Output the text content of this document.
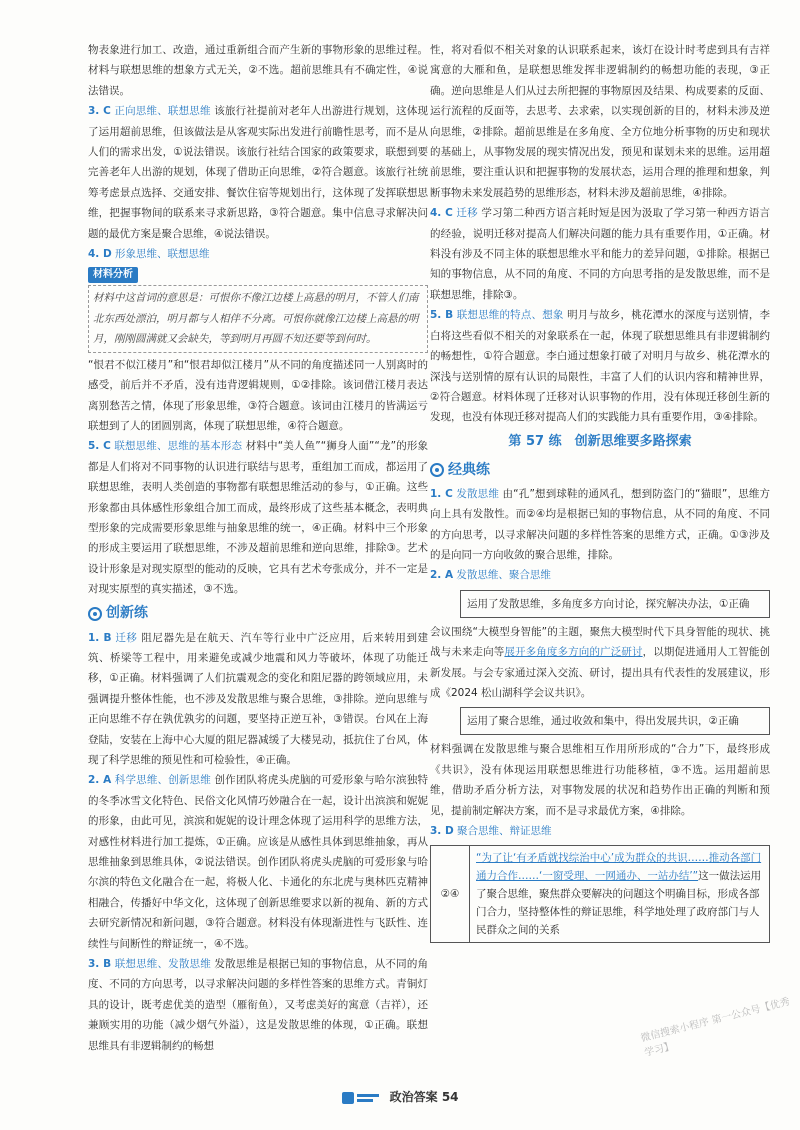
物表象进行加工、改造，通过重新组合而产生新的事物形象的思维过程。材料与联想思维的想象方式无关，②不选。超前思维具有不确定性，④说法错误。

3. C 正向思维、联想思维 该旅行社提前对老年人出游进行规划，这体现了运用超前思维，但该做法是从客观实际出发进行前瞻性思考，而不是从人们的需求出发，①说法错误。该旅行社结合国家的政策要求，联想到要完善老年人出游的规划，体现了借助正向思维，②符合题意。该旅行社统筹考虑景点选择、交通安排、餐饮住宿等规划出行，这体现了发挥联想思维，把握事物间的联系来寻求新思路，③符合题意。集中信息寻求解决问题的最优方案是聚合思维，④说法错误。

4. D 形象思维、联想思维

材料分析
材料中这首词的意思是：可恨你不像江边楼上高悬的明月，不管人们南北东西处漂泊，明月都与人相伴不分离。可恨你就像江边楼上高悬的明月，刚刚圆满就又会缺失，等到明月再圆不知还要等到何时。

“恨君不似江楼月”和“恨君却似江楼月”从不同的角度描述同一人别离时的感受，前后并不矛盾，没有违背逻辑规则，①②排除。该词借江楼月表达离别愁苦之情，体现了形象思维，③符合题意。该词由江楼月的皆满运亏联想到了人的团圆别离，体现了联想思维，④符合题意。

5. C 联想思维、思维的基本形态 材料中“美人鱼”“狮身人面”“龙”的形象都是人们将对不同事物的认识进行联结与思考，重组加工而成，都运用了联想思维，表明人类创造的事物都有联想思维活动的参与，①正确。这些形象都由具体感性形象组合加工而成，最终形成了这些基本概念，表明典型形象的完成需要形象思维与抽象思维的统一，④正确。材料中三个形象的形成主要运用了联想思维，不涉及超前思维和逆向思维，排除③。艺术设计形象是对现实原型的能动的反映，它具有艺术夸张成分，并不一定是对现实原型的真实描述，③不选。

创新练

1. B 迁移 阻尼器先是在航天、汽车等行业中广泛应用，后来转用到建筑、桥梁等工程中，用来避免或减少地震和风力等破坏，体现了功能迁移，①正确。材料强调了人们抗震观念的变化和阻尼器的跨领域应用，未强调提升整体性能，也不涉及发散思维与聚合思维，③排除。逆向思维与正向思维不存在孰优孰劣的问题，要坚持正逆互补，③错误。台风在上海登陆，安装在上海中心大厦的阻尼器减缓了大楼晃动，抵抗住了台风，体现了科学思维的预见性和可检验性，④正确。

2. A 科学思维、创新思维 创作团队将虎头虎脑的可爱形象与哈尔滨独特的冬季冰雪文化特色、民俗文化风情巧妙融合在一起，设计出滨滨和妮妮的形象，由此可见，滨滨和妮妮的设计理念体现了运用科学的思维方法，对感性材料进行加工提炼，①正确。应该是从感性具体到思维抽象，再从思维抽象到思维具体，②说法错误。创作团队将虎头虎脑的可爱形象与哈尔滨的特色文化融合在一起，将极人化、卡通化的东北虎与奥林匹克精神相融合，传播好中华文化，这体现了创新思维要求以新的视角、新的方式去研究新情况和新问题，③符合题意。材料没有体现渐进性与飞跃性、连续性与间断性的辩证统一，④不选。

3. B 联想思维、发散思维 发散思维是根据已知的事物信息，从不同的角度、不同的方向思考，以寻求解决问题的多样性答案的思维方式。青铜灯具的设计，既考虑优美的造型（雁衔鱼），又考虑美好的寓意（吉祥），还兼顾实用的功能（减少烟气外溢），这是发散思维的体现，①正确。联想思维具有非逻辑制约的畅想

性，将对看似不相关对象的认识联系起来，该灯在设计时考虑到具有吉祥寓意的大雁和鱼，是联想思维发挥非逻辑制约的畅想功能的表现，③正确。逆向思维是人们从过去所把握的事物原因及结果、构成要素的反面、运行流程的反面等，去思考、去求索，以实现创新的目的，材料未涉及逆向思维，②排除。超前思维是在多角度、全方位地分析事物的历史和现状的基础上，从事物发展的现实情况出发，预见和谋划未来的思维。运用超前思维，要注重认识和把握事物的发展状态，运用合理的推理和想象，判断事物未来发展趋势的思维形态，材料未涉及超前思维，④排除。

4. C 迁移 学习第二种西方语言耗时短是因为汲取了学习第一种西方语言的经验，说明迁移对提高人们解决问题的能力具有重要作用，①正确。材料没有涉及不同主体的联想思维水平和能力的差异问题，①排除。根据已知的事物信息，从不同的角度、不同的方向思考指的是发散思维，而不是联想思维，排除③。

5. B 联想思维的特点、想象 明月与故乡，桃花潭水的深度与送别情，李白将这些看似不相关的对象联系在一起，体现了联想思维具有非逻辑制约的畅想性，①符合题意。李白通过想象打破了对明月与故乡、桃花潭水的深浅与送别情的原有认识的局限性，丰富了人们的认识内容和精神世界，②符合题意。材料体现了迁移对认识事物的作用，没有体现迁移创生新的发现，也没有体现迁移对提高人们的实践能力具有重要作用，③④排除。

第 57 练　创新思维要多路探索
经典练

1. C 发散思维 由“孔”想到球鞋的通风孔，想到防盗门的“猫眼”，思维方向上具有发散性。而②④均是根据已知的事物信息，从不同的角度、不同的方向思考，以寻求解决问题的多样性答案的思维方式，正确。①③涉及的是向同一方向收敛的聚合思维，排除。

2. A 发散思维、聚合思维

运用了发散思维，多角度多方向讨论，探究解决办法，①正确

会议围绕“大模型身智能”的主题，聚焦大模型时代下具身智能的现状、挑战与未来走向等展开多角度多方向的广泛研讨，以期促进通用人工智能创新发展。与会专家通过深入交流、研讨，提出具有代表性的发展建议，形成《2024 松山湖科学会议共识》。

运用了聚合思维，通过收敛和集中，得出发展共识，②正确

材料强调在发散思维与聚合思维相互作用所形成的“合力”下，最终形成《共识》，没有体现运用联想思维进行功能移植，③不选。运用超前思维，借助矛盾分析方法，对事物发展的状况和趋势作出正确的判断和预见，提前制定解决方案，而不是寻求最优方案，④排除。

3. D 聚合思维、辩证思维

②④	“为了让‘有矛盾就找综治中心’成为群众的共识……推动各部门通力合作……‘一窗受理、一网通办、一站办结’”这一做法运用了聚合思维，聚焦群众要解决的问题这个明确目标，形成各部门合力，坚持整体性的辩证思维，科学地处理了政府部门与人民群众之间的关系
微信搜索小程序 第一公众号【优秀学习】
政治答案 54
